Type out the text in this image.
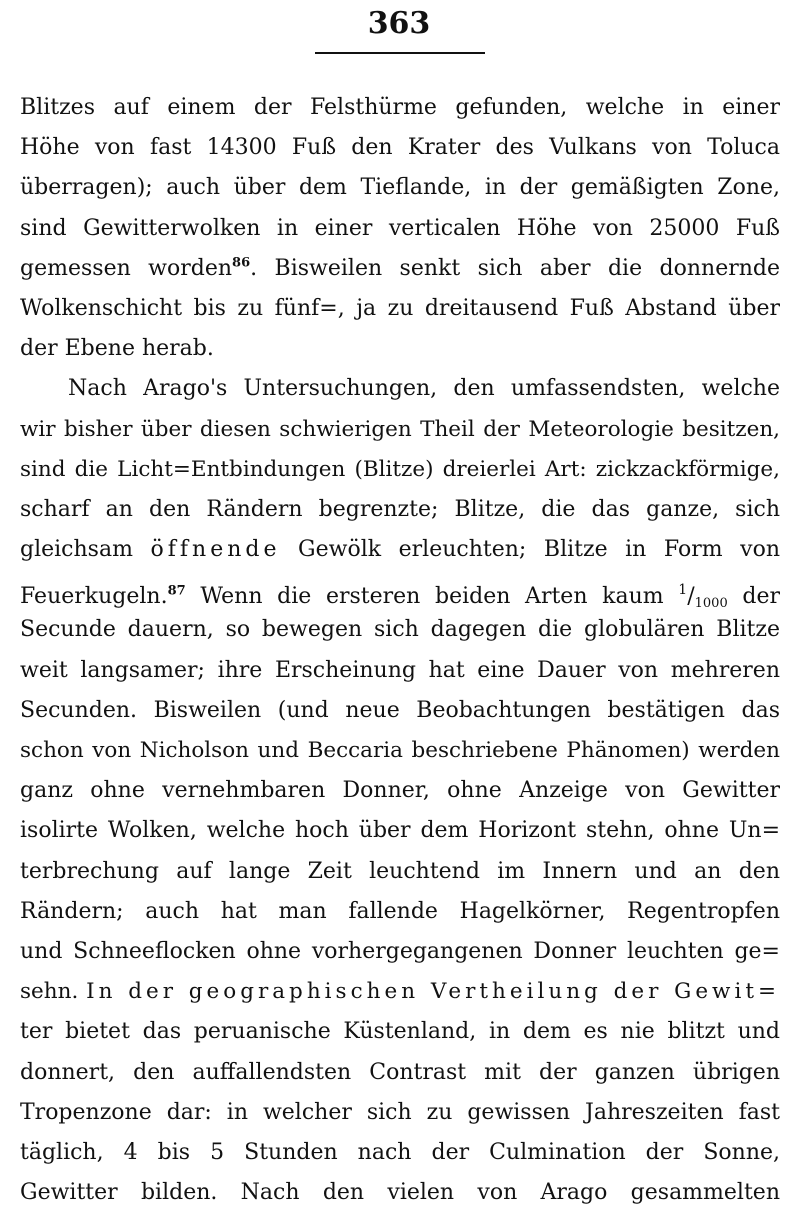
363
Blitzes auf einem der Felsthürme gefunden, welche in einer
Höhe von fast 14300 Fuß den Krater des Vulkans von Toluca
überragen); auch über dem Tieflande, in der gemäßigten Zone,
sind Gewitterwolken in einer verticalen Höhe von 25000 Fuß
gemessen worden$^{86}$. Bisweilen senkt sich aber die donnernde
Wolkenschicht bis zu fünf=, ja zu dreitausend Fuß Abstand über
der Ebene herab.
Nach Arago's Untersuchungen, den umfassendsten, welche
wir bisher über diesen schwierigen Theil der Meteorologie besitzen,
sind die Licht=Entbindungen (Blitze) dreierlei Art: zickzackförmige,
scharf an den Rändern begrenzte; Blitze, die das ganze, sich
gleichsam öffnende Gewölk erleuchten; Blitze in Form von
Feuerkugeln.$^{87}$ Wenn die ersteren beiden Arten kaum $^1$/1000 der
Secunde dauern, so bewegen sich dagegen die globulären Blitze
weit langsamer; ihre Erscheinung hat eine Dauer von mehreren
Secunden. Bisweilen (und neue Beobachtungen bestätigen das
schon von Nicholson und Beccaria beschriebene Phänomen) werden
ganz ohne vernehmbaren Donner, ohne Anzeige von Gewitter
isolirte Wolken, welche hoch über dem Horizont stehn, ohne Un=
terbrechung auf lange Zeit leuchtend im Innern und an den
Rändern; auch hat man fallende Hagelkörner, Regentropfen
und Schneeflocken ohne vorhergegangenen Donner leuchten ge=
sehn. In der geographischen Vertheilung der Gewit=
ter bietet das peruanische Küstenland, in dem es nie blitzt und
donnert, den auffallendsten Contrast mit der ganzen übrigen
Tropenzone dar: in welcher sich zu gewissen Jahreszeiten fast
täglich, 4 bis 5 Stunden nach der Culmination der Sonne,
Gewitter bilden. Nach den vielen von Arago gesammelten
